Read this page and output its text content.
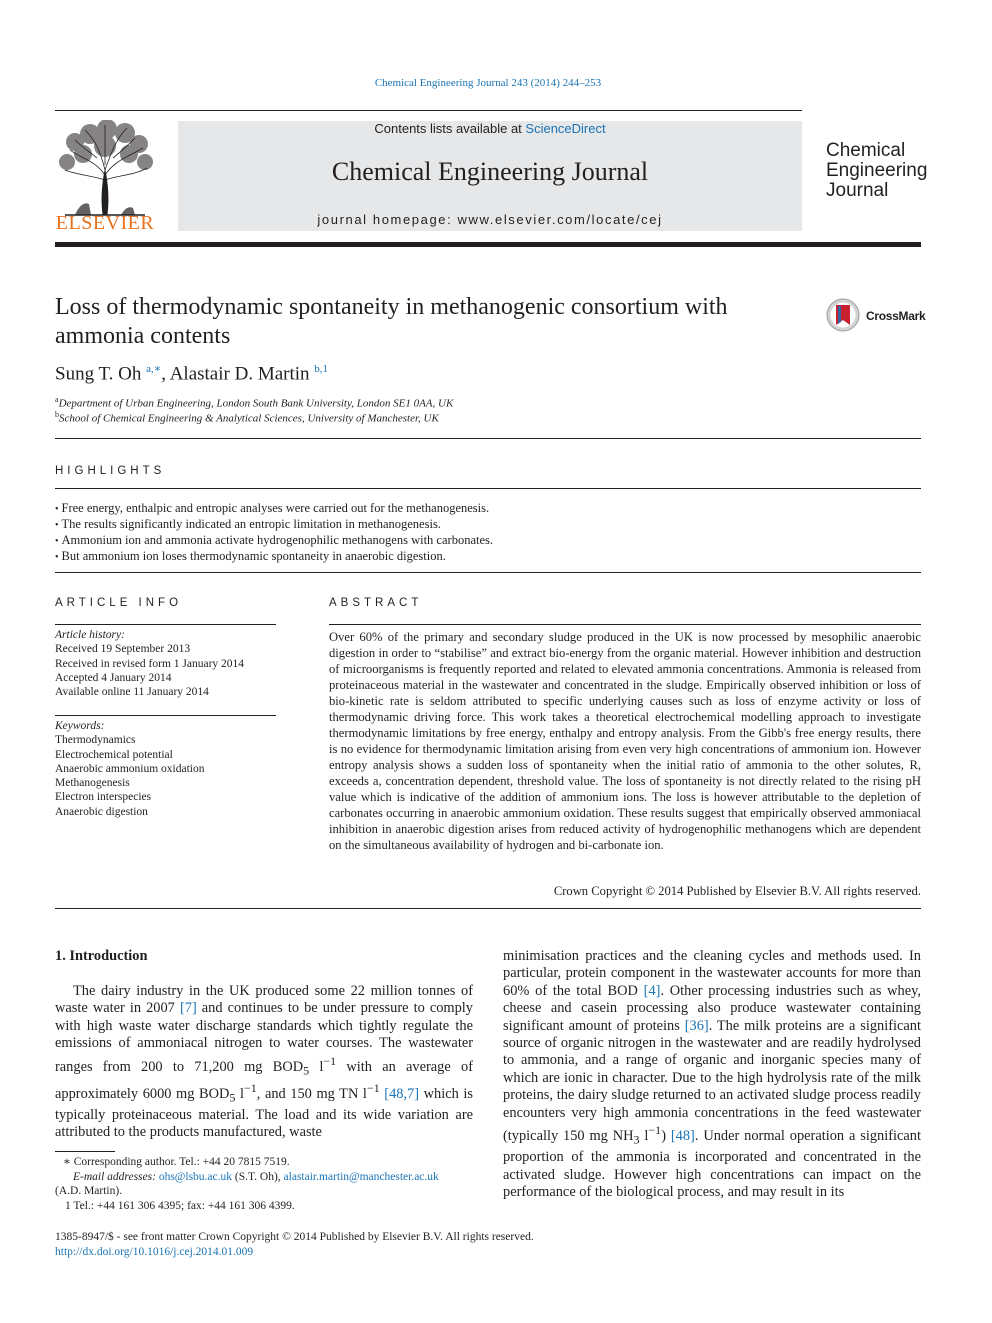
Chemical Engineering Journal 243 (2014) 244–253
ELSEVIER
Contents lists available at ScienceDirect
Chemical Engineering Journal
journal homepage: www.elsevier.com/locate/cej
Chemical
Engineering
Journal
Loss of thermodynamic spontaneity in methanogenic consortium with ammonia contents
CrossMark
Sung T. Oh $^{a,∗}$, Alastair D. Martin $^{b,1}$
$^a$Department of Urban Engineering, London South Bank University, London SE1 0AA, UK
$^b$School of Chemical Engineering & Analytical Sciences, University of Manchester, UK
HIGHLIGHTS
• Free energy, enthalpic and entropic analyses were carried out for the methanogenesis.
• The results significantly indicated an entropic limitation in methanogenesis.
• Ammonium ion and ammonia activate hydrogenophilic methanogens with carbonates.
• But ammonium ion loses thermodynamic spontaneity in anaerobic digestion.
ARTICLE INFO
Article history:
Received 19 September 2013
Received in revised form 1 January 2014
Accepted 4 January 2014
Available online 11 January 2014
Keywords:
Thermodynamics
Electrochemical potential
Anaerobic ammonium oxidation
Methanogenesis
Electron interspecies
Anaerobic digestion
ABSTRACT
Over 60% of the primary and secondary sludge produced in the UK is now processed by mesophilic anaerobic digestion in order to “stabilise” and extract bio-energy from the organic material. However inhibition and destruction of microorganisms is frequently reported and related to elevated ammonia concentrations. Ammonia is released from proteinaceous material in the wastewater and concentrated in the sludge. Empirically observed inhibition or loss of bio-kinetic rate is seldom attributed to specific underlying causes such as loss of enzyme activity or loss of thermodynamic driving force. This work takes a theoretical electrochemical modelling approach to investigate thermodynamic limitations by free energy, enthalpy and entropy analysis. From the Gibb's free energy results, there is no evidence for thermodynamic limitation arising from even very high concentrations of ammonium ion. However entropy analysis shows a sudden loss of spontaneity when the initial ratio of ammonia to the other solutes, R, exceeds a, concentration dependent, threshold value. The loss of spontaneity is not directly related to the rising pH value which is indicative of the addition of ammonium ions. The loss is however attributable to the depletion of carbonates occurring in anaerobic ammonium oxidation. These results suggest that empirically observed ammoniacal inhibition in anaerobic digestion arises from reduced activity of hydrogenophilic methanogens which are dependent on the simultaneous availability of hydrogen and bi-carbonate ion.
Crown Copyright © 2014 Published by Elsevier B.V. All rights reserved.
1. Introduction

The dairy industry in the UK produced some 22 million tonnes of waste water in 2007 [7] and continues to be under pressure to comply with high waste water discharge standards which tightly regulate the emissions of ammoniacal nitrogen to water courses. The wastewater ranges from 200 to 71,200 mg $BOD_5$ $l^{-1}$ with an average of approximately 6000 mg $BOD_5$ $l^{-1}$, and 150 mg TN $l^{-1}$ [48,7] which is typically proteinaceous material. The load and its wide variation are attributed to the products manufactured, waste

minimisation practices and the cleaning cycles and methods used. In particular, protein component in the wastewater accounts for more than 60% of the total BOD [4]. Other processing industries such as whey, cheese and casein processing also produce wastewater containing significant amount of proteins [36]. The milk proteins are a significant source of organic nitrogen in the wastewater and are readily hydrolysed to ammonia, and a range of organic and inorganic species many of which are ionic in character. Due to the high hydrolysis rate of the milk proteins, the dairy sludge returned to an activated sludge process readily encounters very high ammonia concentrations in the feed wastewater (typically 150 mg $NH_3$ $l^{-1}$) [48]. Under normal operation a significant proportion of the ammonia is incorporated and concentrated in the activated sludge. However high concentrations can impact on the performance of the biological process, and may result in its

∗ Corresponding author. Tel.: +44 20 7815 7519.
E-mail addresses: ohs@lsbu.ac.uk (S.T. Oh), alastair.martin@manchester.ac.uk
(A.D. Martin).
1 Tel.: +44 161 306 4395; fax: +44 161 306 4399.
1385-8947/$ - see front matter Crown Copyright © 2014 Published by Elsevier B.V. All rights reserved.
http://dx.doi.org/10.1016/j.cej.2014.01.009
